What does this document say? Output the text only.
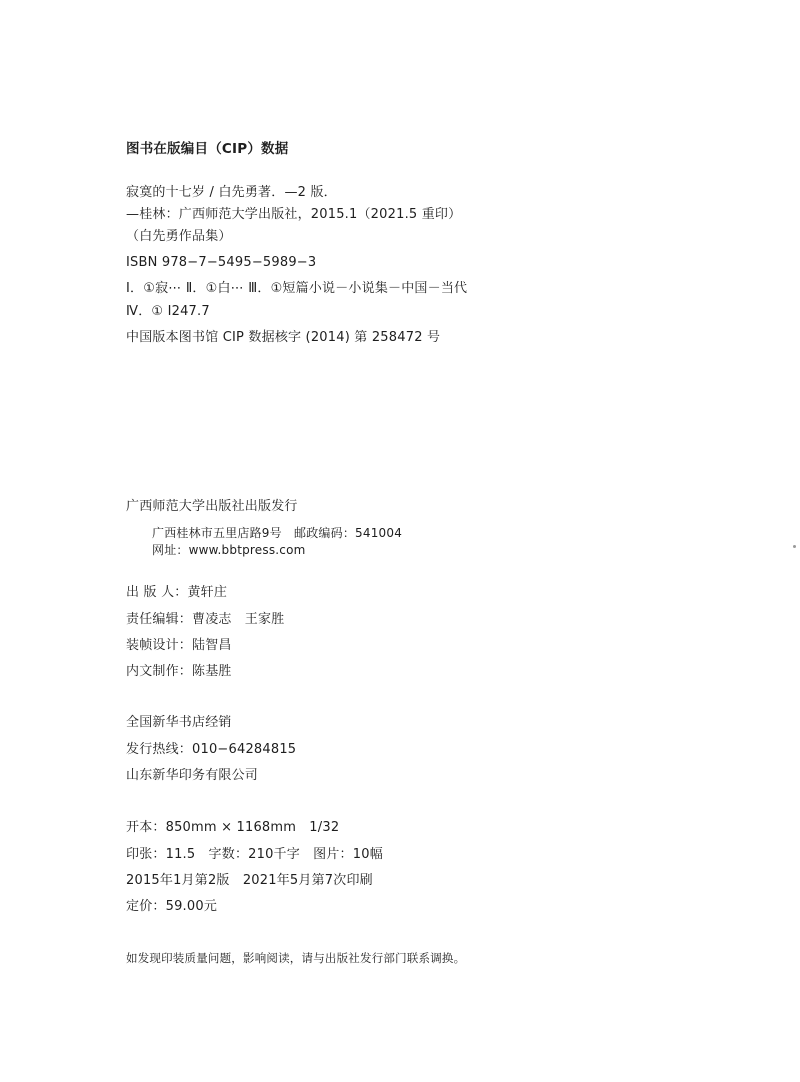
图书在版编目（CIP）数据
寂寞的十七岁 / 白先勇著．—2 版．
—桂林：广西师范大学出版社，2015.1（2021.5 重印）
（白先勇作品集）
ISBN 978−7−5495−5989−3
Ⅰ．①寂⋯ Ⅱ．①白⋯ Ⅲ．①短篇小说－小说集－中国－当代
Ⅳ．① I247.7
中国版本图书馆 CIP 数据核字 (2014) 第 258472 号
广西师范大学出版社出版发行
广西桂林市五里店路9号　邮政编码：541004
网址：www.bbtpress.com
出 版 人：黄轩庄
责任编辑：曹凌志　王家胜
装帧设计：陆智昌
内文制作：陈基胜
全国新华书店经销
发行热线：010−64284815
山东新华印务有限公司
开本：850mm × 1168mm　1/32
印张：11.5　字数：210千字　图片：10幅
2015年1月第2版　2021年5月第7次印刷
定价：59.00元
如发现印装质量问题，影响阅读，请与出版社发行部门联系调换。
